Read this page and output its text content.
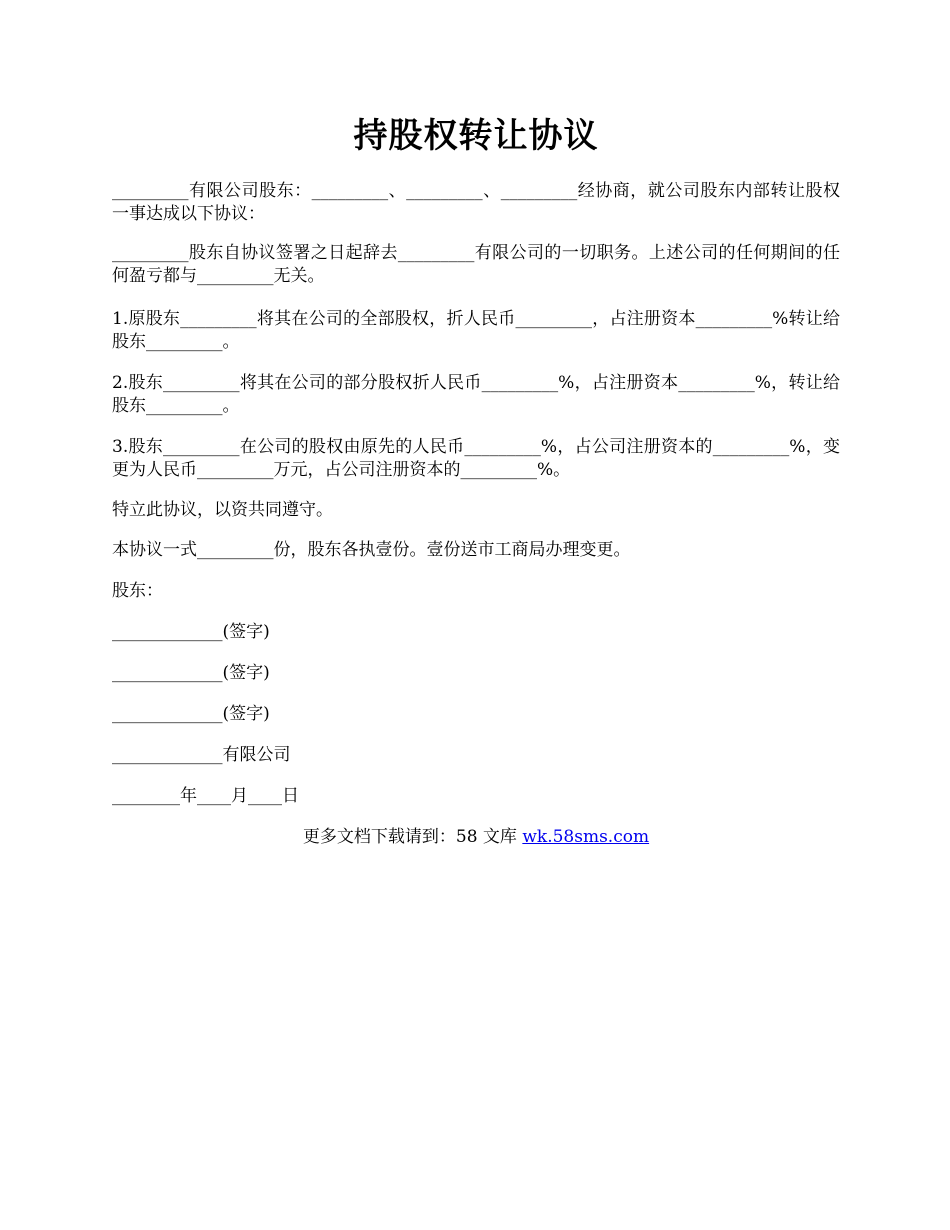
持股权转让协议

_________有限公司股东：_________、_________、_________经协商，就公司股东内部转让股权一事达成以下协议：

_________股东自协议签署之日起辞去_________有限公司的一切职务。上述公司的任何期间的任何盈亏都与_________无关。

1.原股东_________将其在公司的全部股权，折人民币_________，占注册资本_________%转让给股东_________。

2.股东_________将其在公司的部分股权折人民币_________%，占注册资本_________%，转让给股东_________。

3.股东_________在公司的股权由原先的人民币_________%，占公司注册资本的_________%，变更为人民币_________万元，占公司注册资本的_________%。

特立此协议，以资共同遵守。

本协议一式_________份，股东各执壹份。壹份送市工商局办理变更。

股东：

_____________(签字)

_____________(签字)

_____________(签字)

_____________有限公司

________年____月____日

更多文档下载请到：58 文库 wk.58sms.com
